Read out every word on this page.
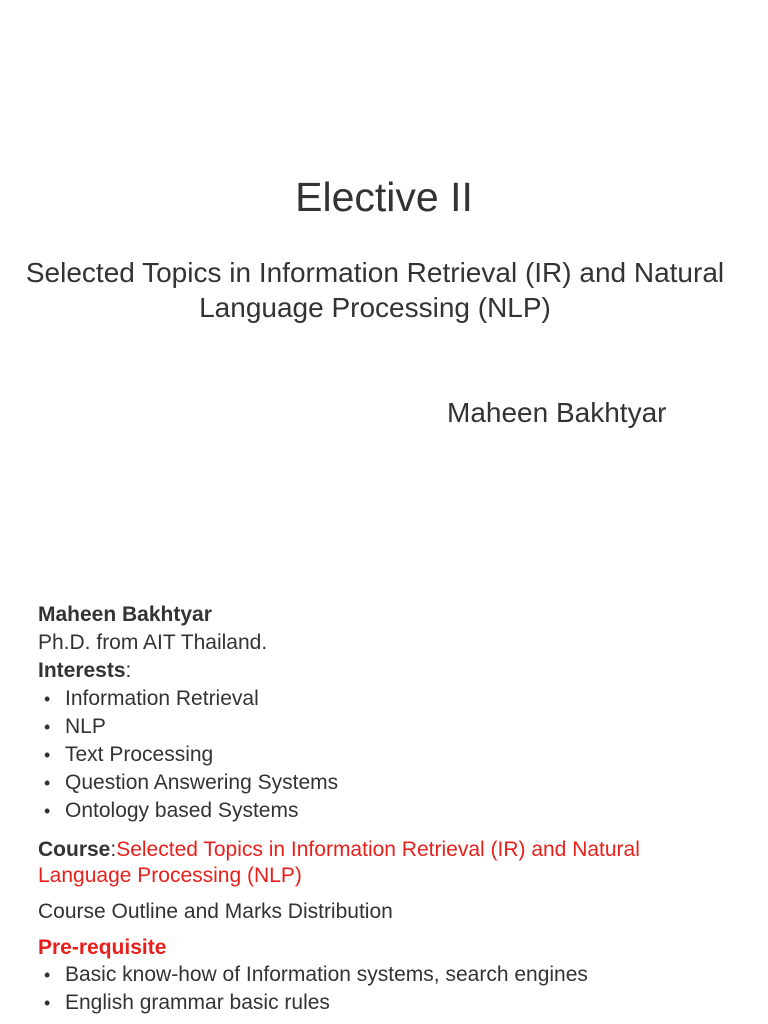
Elective II

Selected Topics in Information Retrieval (IR) and Natural Language Processing (NLP)

Maheen Bakhtyar
Maheen Bakhtyar
Ph.D. from AIT Thailand.
Interests:
• Information Retrieval
• NLP
• Text Processing
• Question Answering Systems
• Ontology based Systems
Course:Selected Topics in Information Retrieval (IR) and Natural Language Processing (NLP)
Course Outline and Marks Distribution
Pre-requisite
• Basic know-how of Information systems, search engines
• English grammar basic rules
